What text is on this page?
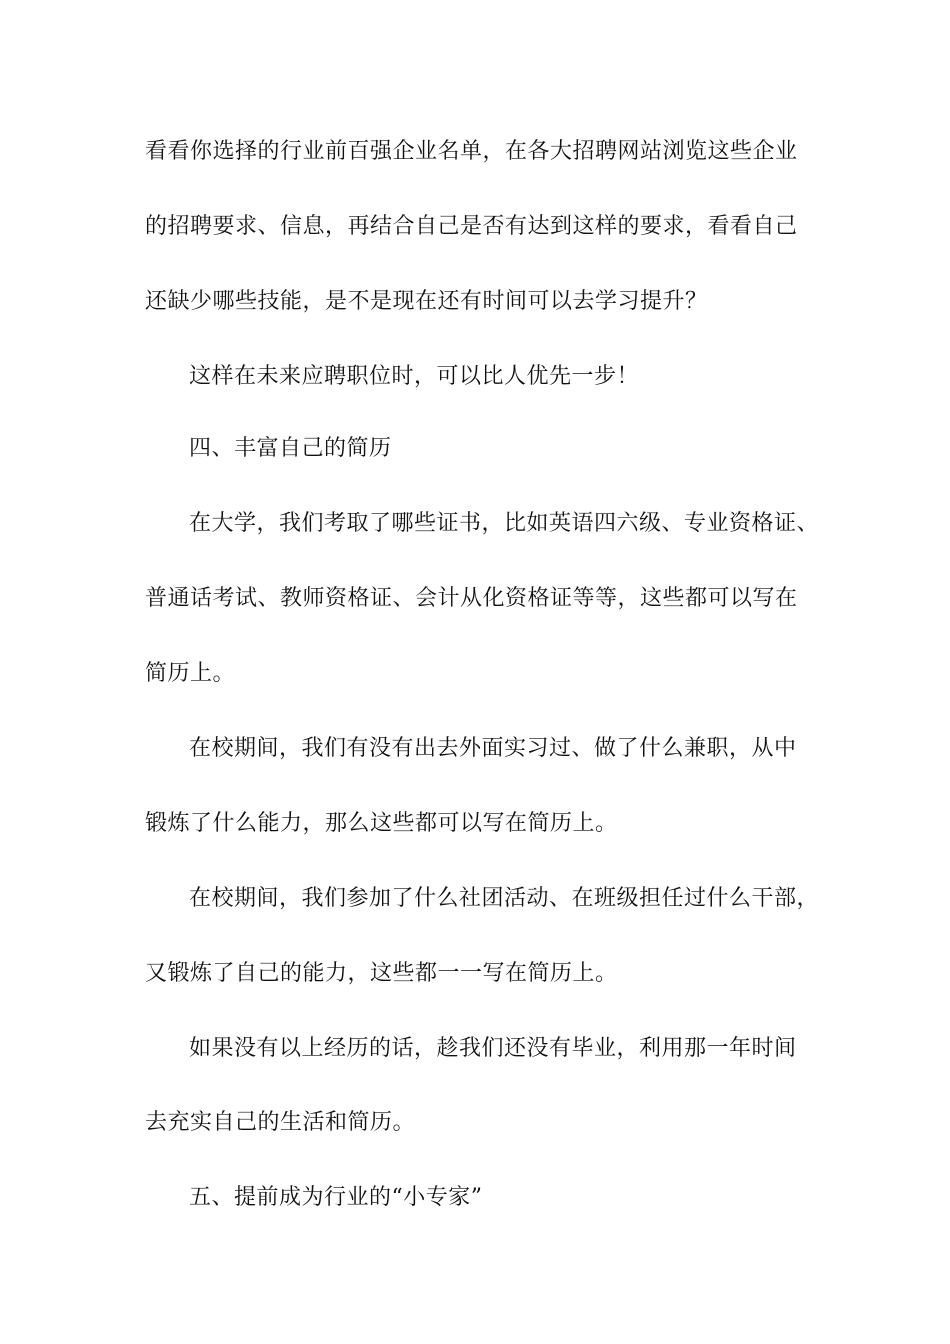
看看你选择的行业前百强企业名单，在各大招聘网站浏览这些企业
的招聘要求、信息，再结合自己是否有达到这样的要求，看看自己
还缺少哪些技能，是不是现在还有时间可以去学习提升？
这样在未来应聘职位时，可以比人优先一步！
四、丰富自己的简历
在大学，我们考取了哪些证书，比如英语四六级、专业资格证、
普通话考试、教师资格证、会计从化资格证等等，这些都可以写在
简历上。
在校期间，我们有没有出去外面实习过、做了什么兼职，从中
锻炼了什么能力，那么这些都可以写在简历上。
在校期间，我们参加了什么社团活动、在班级担任过什么干部，
又锻炼了自己的能力，这些都一一写在简历上。
如果没有以上经历的话，趁我们还没有毕业，利用那一年时间
去充实自己的生活和简历。
五、提前成为行业的“小专家”
